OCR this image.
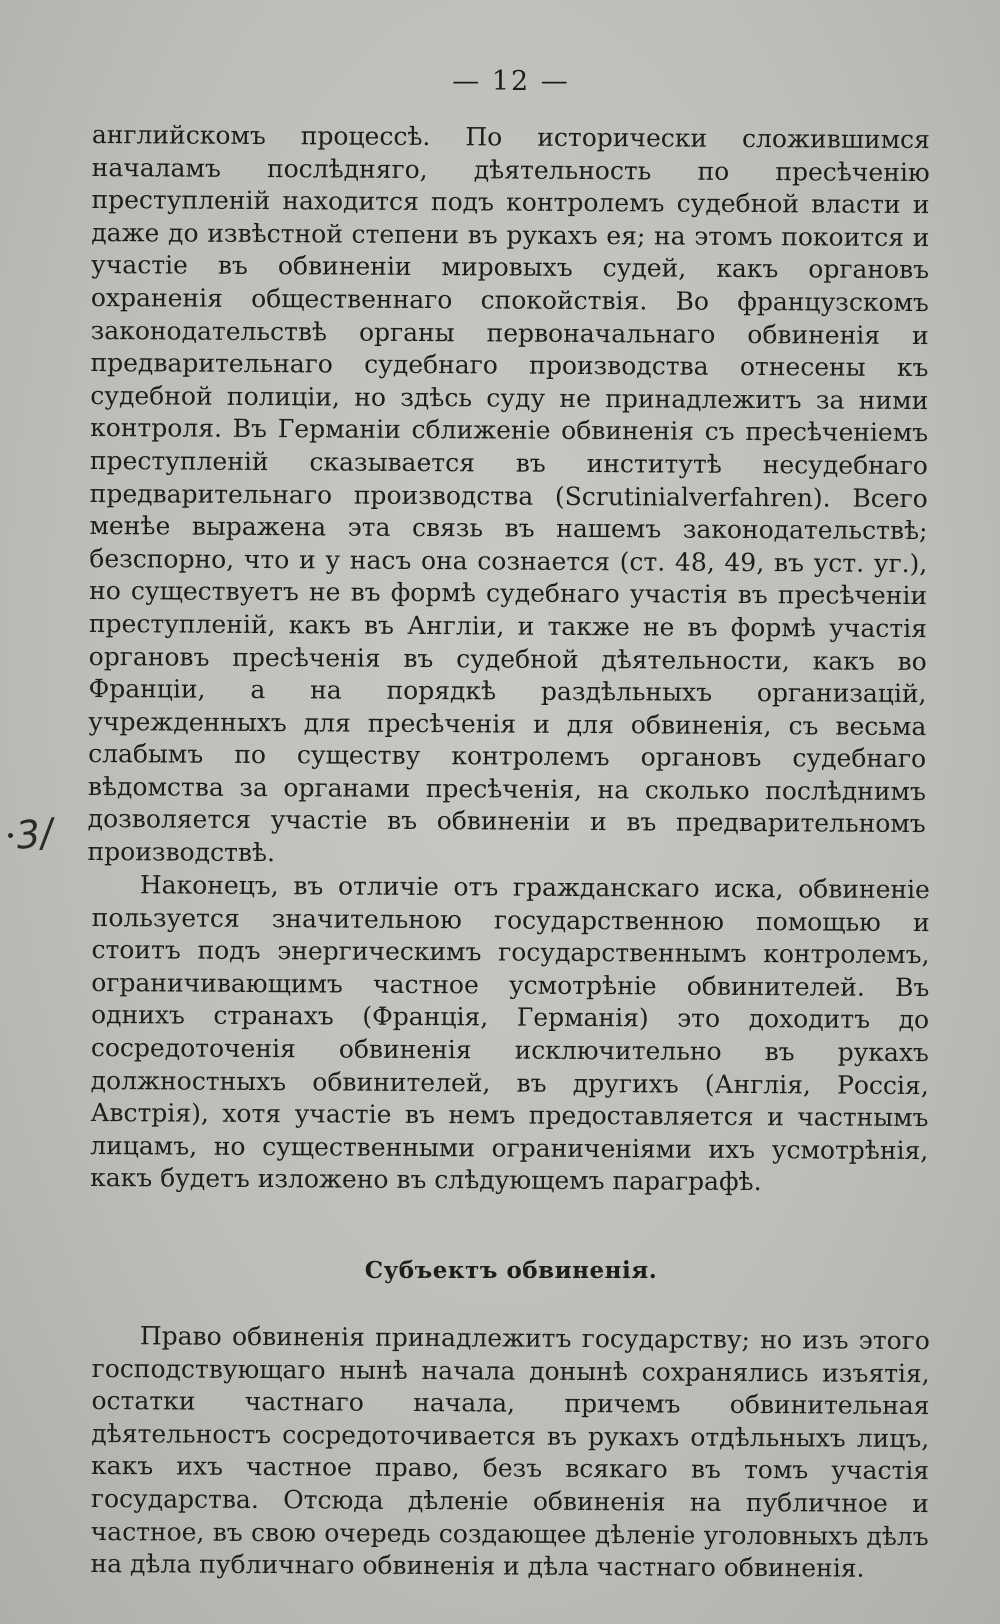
— 12 —

английскомъ процессѣ. По исторически сложившимся началамъ послѣдняго, дѣятельность по пресѣченію преступленій находится подъ контролемъ судебной власти и даже до извѣстной степени въ рукахъ ея; на этомъ покоится и участіе въ обвиненіи мировыхъ судей, какъ органовъ охраненія общественнаго спокойствія. Во французскомъ законодательствѣ органы первоначальнаго обвиненія и предварительнаго судебнаго производства отнесены къ судебной полиціи, но здѣсь суду не принадлежитъ за ними контроля. Въ Германіи сближеніе обвиненія съ пресѣченіемъ преступленій сказывается въ институтѣ несудебнаго предварительнаго производства (Scrutinialverfahren). Всего менѣе выражена эта связь въ нашемъ законодательствѣ; безспорно, что и у насъ она сознается (ст. 48, 49, въ уст. уг.), но существуетъ не въ формѣ судебнаго участія въ пресѣченіи преступленій, какъ въ Англіи, и также не въ формѣ участія органовъ пресѣченія въ судебной дѣятельности, какъ во Франціи, а на порядкѣ раздѣльныхъ организацій, учрежденныхъ для пресѣченія и для обвиненія, съ весьма слабымъ по существу контролемъ органовъ судебнаго вѣдомства за органами пресѣченія, на сколько послѣднимъ дозволяется участіе въ обвиненіи и въ предварительномъ производствѣ.

Наконецъ, въ отличіе отъ гражданскаго иска, обвиненіе пользуется значительною государственною помощью и стоитъ подъ энергическимъ государственнымъ контролемъ, ограничивающимъ частное усмотрѣніе обвинителей. Въ однихъ странахъ (Франція, Германія) это доходитъ до сосредоточенія обвиненія исключительно въ рукахъ должностныхъ обвинителей, въ другихъ (Англія, Россія, Австрія), хотя участіе въ немъ предоставляется и частнымъ лицамъ, но существенными ограниченіями ихъ усмотрѣнія, какъ будетъ изложено въ слѣдующемъ параграфѣ.

Субъектъ обвиненія.

Право обвиненія принадлежитъ государству; но изъ этого господствующаго нынѣ начала донынѣ сохранялись изъятія, остатки частнаго начала, причемъ обвинительная дѣятельностъ сосредоточивается въ рукахъ отдѣльныхъ лицъ, какъ ихъ частное право, безъ всякаго въ томъ участія государства. Отсюда дѣленіе обвиненія на публичное и частное, въ свою очередь создающее дѣленіе уголовныхъ дѣлъ на дѣла публичнаго обвиненія и дѣла частнаго обвиненія.

3/
